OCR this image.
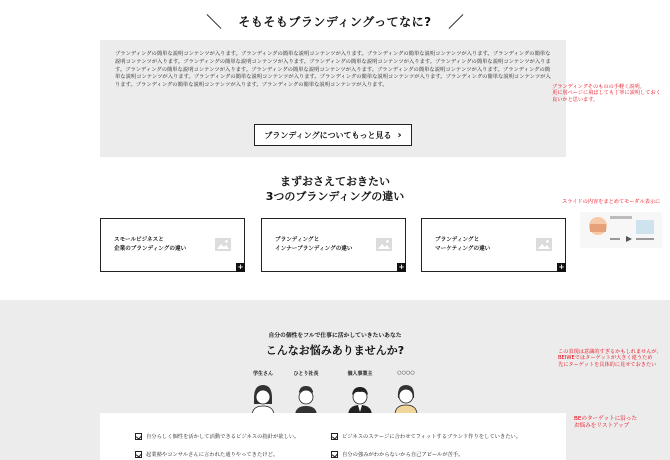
そもそもブランディングってなに?
ブランディングの簡単な説明コンテンツが入ります。ブランディングの簡単な説明コンテンツが入ります。ブランディングの簡単な説明コンテンツが入ります。ブランディングの簡単な説明コンテンツが入ります。ブランディングの簡単な説明コンテンツが入ります。ブランディングの簡単な説明コンテンツが入ります。ブランディングの簡単な説明コンテンツが入ります。ブランディングの簡単な説明コンテンツが入ります。ブランディングの簡単な説明コンテンツが入ります。ブランディングの簡単な説明コンテンツが入ります。ブランディングの簡単な説明コンテンツが入ります。ブランディングの簡単な説明コンテンツが入ります。ブランディングの簡単な説明コンテンツが入ります。ブランディングの簡単な説明コンテンツが入ります。ブランディングの簡単な説明コンテンツが入ります。ブランディングの簡単な説明コンテンツが入ります。
ブランディングについてもっと見る ›
ブランディングそのものの手軽く説明。
更に別ページに飛ばしても丁寧に説明しておく
良いかと思います。
まずおさえておきたい
3つのブランディングの違い
スモールビジネスと
企業のブランディングの違い
+
ブランディングと
インナーブランディングの違い
+
ブランディングと
マーケティングの違い
+
スライドの内容をまとめてモーダル表示に
自分の個性をフルで仕事に活かしていきたいあなた
こんなお悩みありませんか?
学生さん	ひとり社長	個人事業主	○○○○
自分らしく個性を活かして活動できるビジネスの指針が欲しい。	ビジネスのステージに合わせてフィットするブランド作りをしていきたい。
起業塾やコンサルさんに言われた通りやってきたけど。	自分の強みがわからないから自己アピールが苦手。
この表現は意識的すぎるかもしれませんが、
BEIWEではターゲットが大きく違うため
先にターゲットを具体的に見せておきたい
BEのターゲットに沿った
お悩みをリストアップ
